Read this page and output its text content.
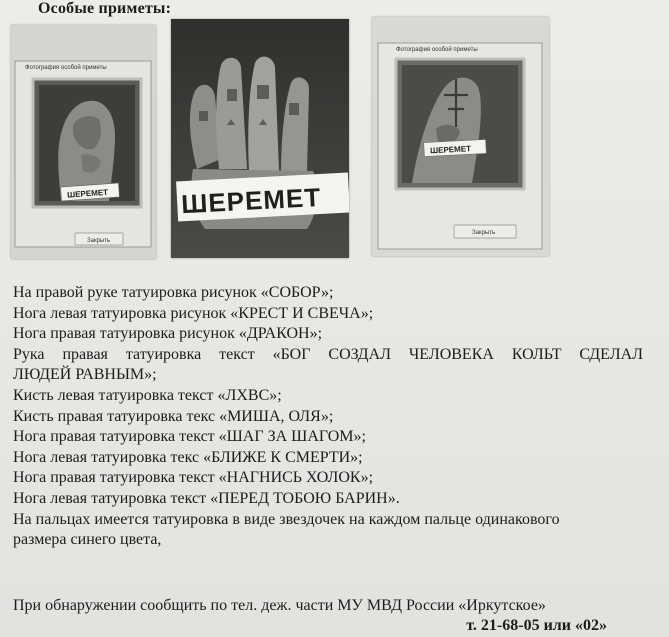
Особые приметы:
Фотография особой приметы
ШЕРЕМЕТ
Закрыть
ШЕРЕМЕТ
Фотография особой приметы
ШЕРЕМЕТ
Закрыть
На правой руке татуировка рисунок «СОБОР»;
Нога левая татуировка рисунок «КРЕСТ И СВЕЧА»;
Нога правая татуировка рисунок «ДРАКОН»;
Рука правая татуировка текст «БОГ СОЗДАЛ ЧЕЛОВЕКА КОЛЬТ СДЕЛАЛ
ЛЮДЕЙ РАВНЫМ»;
Кисть левая татуировка текст «ЛХВС»;
Кисть правая татуировка текс «МИША, ОЛЯ»;
Нога правая татуировка текст «ШАГ ЗА ШАГОМ»;
Нога левая татуировка текс «БЛИЖЕ К СМЕРТИ»;
Нога правая татуировка текст «НАГНИСЬ ХОЛОК»;
Нога левая татуировка текст «ПЕРЕД ТОБОЮ БАРИН».
На пальцах имеется татуировка в виде звездочек на каждом пальце одинакового
размера синего цвета,
При обнаружении сообщить по тел. деж. части МУ МВД России «Иркутское»
т. 21-68-05 или «02»
